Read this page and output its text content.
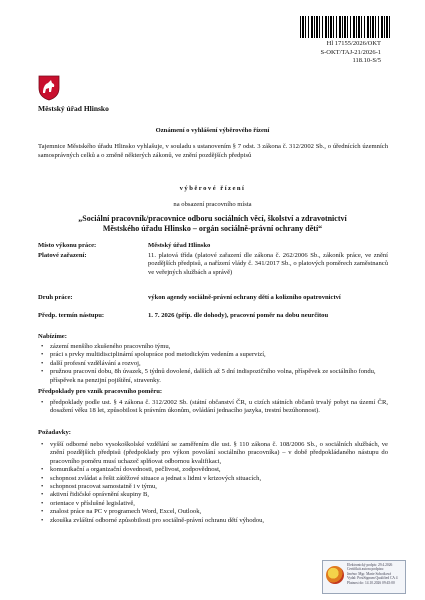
Hl 17155/2026/OKT
S-OKT/TAJ-21/2026-1
118.10-S/5
Městský úřad Hlinsko
Oznámení o vyhlášení výběrového řízení
Tajemnice Městského úřadu Hlinsko vyhlašuje, v souladu s ustanovením § 7 odst. 3 zákona č. 312/2002 Sb., o úřednících územních samosprávných celků a o změně některých zákonů, ve znění pozdějších předpisů
výběrové řízení
na obsazení pracovního místa
„Sociální pracovník/pracovnice odboru sociálních věcí, školství a zdravotnictví
Městského úřadu Hlinsko – orgán sociálně-právní ochrany dětí“
Místo výkonu práce:	Městský úřad Hlinsko
Platové zařazení:	11. platová třída (platové zařazení dle zákona č. 262/2006 Sb., zákoník práce, ve znění pozdějších předpisů, a nařízení vlády č. 341/2017 Sb., o platových poměrech zaměstnanců ve veřejných službách a správě)
Druh práce:	výkon agendy sociálně-právní ochrany dětí a kolizního opatrovnictví
Předp. termín nástupu:	1. 7. 2026 (příp. dle dohody), pracovní poměr na dobu neurčitou
Nabízíme:
• zázemí menšího zkušeného pracovního týmu,
• práci s prvky multidisciplinární spolupráce pod metodickým vedením a supervizí,
• další profesní vzdělávání a rozvoj,
• pružnou pracovní dobu, 8h úvazek, 5 týdnů dovolené, dalších až 5 dní indispozičního volna, příspěvek ze sociálního fondu, příspěvek na penzijní pojištění, stravenky.
Předpoklady pro vznik pracovního poměru:
• předpoklady podle ust. § 4 zákona č. 312/2002 Sb. (státní občanství ČR, u cizích státních občanů trvalý pobyt na území ČR, dosažení věku 18 let, způsobilost k právním úkonům, ovládání jednacího jazyka, trestní bezúhonnost).
Požadavky:
• vyšší odborné nebo vysokoškolské vzdělání se zaměřením dle ust. § 110 zákona č. 108/2006 Sb., o sociálních službách, ve znění pozdějších předpisů (předpoklady pro výkon povolání sociálního pracovníka) – v době předpokládaného nástupu do pracovního poměru musí uchazeč splňovat odbornou kvalifikaci,
• komunikační a organizační dovednosti, pečlivost, zodpovědnost,
• schopnost zvládat a řešit zátěžové situace a jednat s lidmi v krizových situacích,
• schopnost pracovat samostatně i v týmu,
• aktivní řidičské oprávnění skupiny B,
• orientace v příslušné legislativě,
• znalost práce na PC v programech Word, Excel, Outlook,
• zkouška zvláštní odborné způsobilosti pro sociálně-právní ochranu dětí výhodou,
Elektronický podpis: 29.4.2026
Certifikát autora podpisu:
Jméno: Mgr. Marie Sobotková
Vydal: PostSignum Qualified CA 4
Platnost do: 14.10.2026 09:45:00
